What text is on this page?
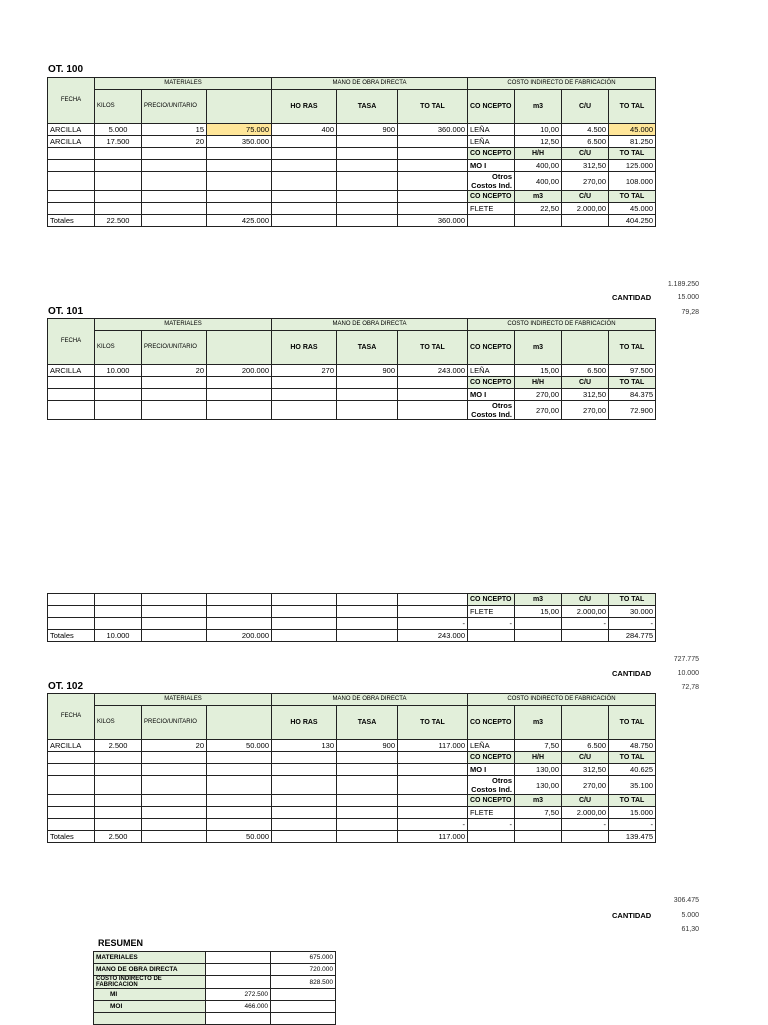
OT. 100
FECHA	MATERIALES			MANO DE OBRA DIRECTA			COSTO INDIRECTO DE FABRICACIÓN			
	KILOS	PRECIO/UNITARIO		HO RAS	TASA	TO TAL	CO NCEPTO	m3	C/U	TO TAL
ARCILLA	5.000	15	75.000	400	900	360.000	LEÑA	10,00	4.500	45.000
ARCILLA	17.500	20	350.000				LEÑA	12,50	6.500	81.250
							CO NCEPTO	H/H	C/U	TO TAL
							MO I	400,00	312,50	125.000
							Otros Costos Ind.	400,00	270,00	108.000
							CO NCEPTO	m3	C/U	TO TAL
							FLETE	22,50	2.000,00	45.000
Totales	22.500		425.000			360.000				404.250
CANTIDAD
1.189.250
15.000
79,28
OT. 101
FECHA	MATERIALES			MANO DE OBRA DIRECTA			COSTO INDIRECTO DE FABRICACIÓN			
	KILOS	PRECIO/UNITARIO		HO RAS	TASA	TO TAL	CO NCEPTO	m3		TO TAL
ARCILLA	10.000	20	200.000	270	900	243.000	LEÑA	15,00	6.500	97.500
							CO NCEPTO	H/H	C/U	TO TAL
							MO I	270,00	312,50	84.375
							Otros Costos Ind.	270,00	270,00	72.900
							CO NCEPTO	m3	C/U	TO TAL
							FLETE	15,00	2.000,00	30.000
						-	-		-	-
Totales	10.000		200.000			243.000				284.775
CANTIDAD
727.775
10.000
72,78
OT. 102
FECHA	MATERIALES			MANO DE OBRA DIRECTA			COSTO INDIRECTO DE FABRICACIÓN			
	KILOS	PRECIO/UNITARIO		HO RAS	TASA	TO TAL	CO NCEPTO	m3		TO TAL
ARCILLA	2.500	20	50.000	130	900	117.000	LEÑA	7,50	6.500	48.750
							CO NCEPTO	H/H	C/U	TO TAL
							MO I	130,00	312,50	40.625
							Otros Costos Ind.	130,00	270,00	35.100
							CO NCEPTO	m3	C/U	TO TAL
							FLETE	7,50	2.000,00	15.000
						-	-		-	-
Totales	2.500		50.000			117.000				139.475
CANTIDAD
306.475
5.000
61,30
RESUMEN
MATERIALES		675.000
MANO DE OBRA DIRECTA		720.000
COSTO INDIRECTO DE FABRICACION		828.500
MI	272.500	
MOI	466.000	
